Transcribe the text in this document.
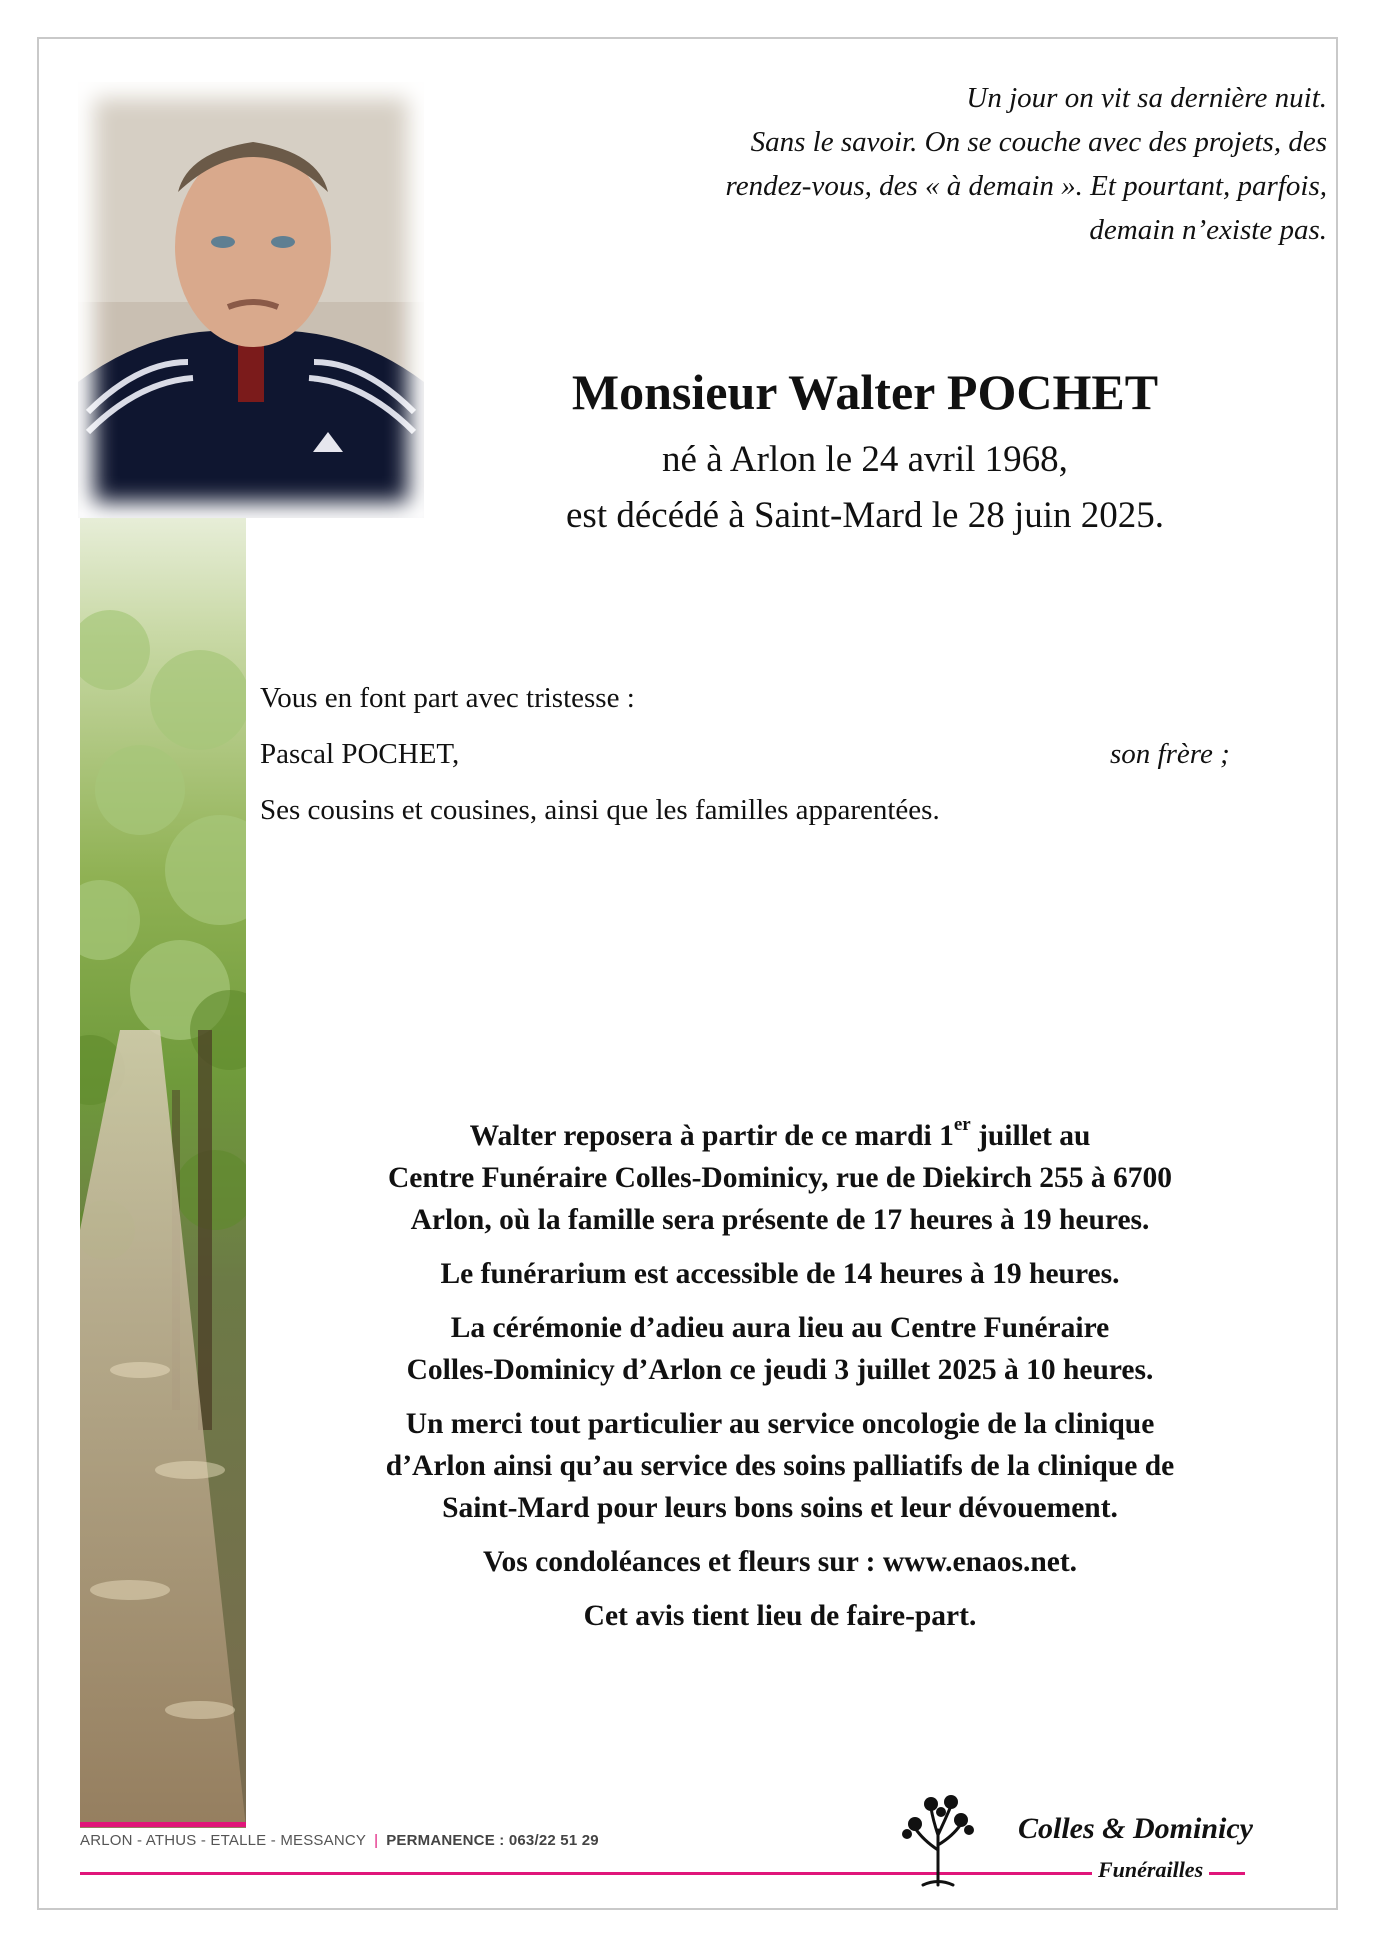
Un jour on vit sa dernière nuit.
Sans le savoir. On se couche avec des projets, des
rendez-vous, des « à demain ». Et pourtant, parfois,
demain n’existe pas.
Monsieur Walter POCHET
né à Arlon le 24 avril 1968,
est décédé à Saint-Mard le 28 juin 2025.
Vous en font part avec tristesse :
Pascal POCHET,	son frère ;
Ses cousins et cousines, ainsi que les familles apparentées.

Walter reposera à partir de ce mardi 1er juillet au
Centre Funéraire Colles-Dominicy, rue de Diekirch 255 à 6700
Arlon, où la famille sera présente de 17 heures à 19 heures.

Le funérarium est accessible de 14 heures à 19 heures.

La cérémonie d’adieu aura lieu au Centre Funéraire
Colles-Dominicy d’Arlon ce jeudi 3 juillet 2025 à 10 heures.

Un merci tout particulier au service oncologie de la clinique
d’Arlon ainsi qu’au service des soins palliatifs de la clinique de
Saint-Mard pour leurs bons soins et leur dévouement.

Vos condoléances et fleurs sur : www.enaos.net.

Cet avis tient lieu de faire-part.

ARLON - ATHUS - ETALLE - MESSANCY | PERMANENCE : 063/22 51 29	Colles & Dominicy
Funérailles
